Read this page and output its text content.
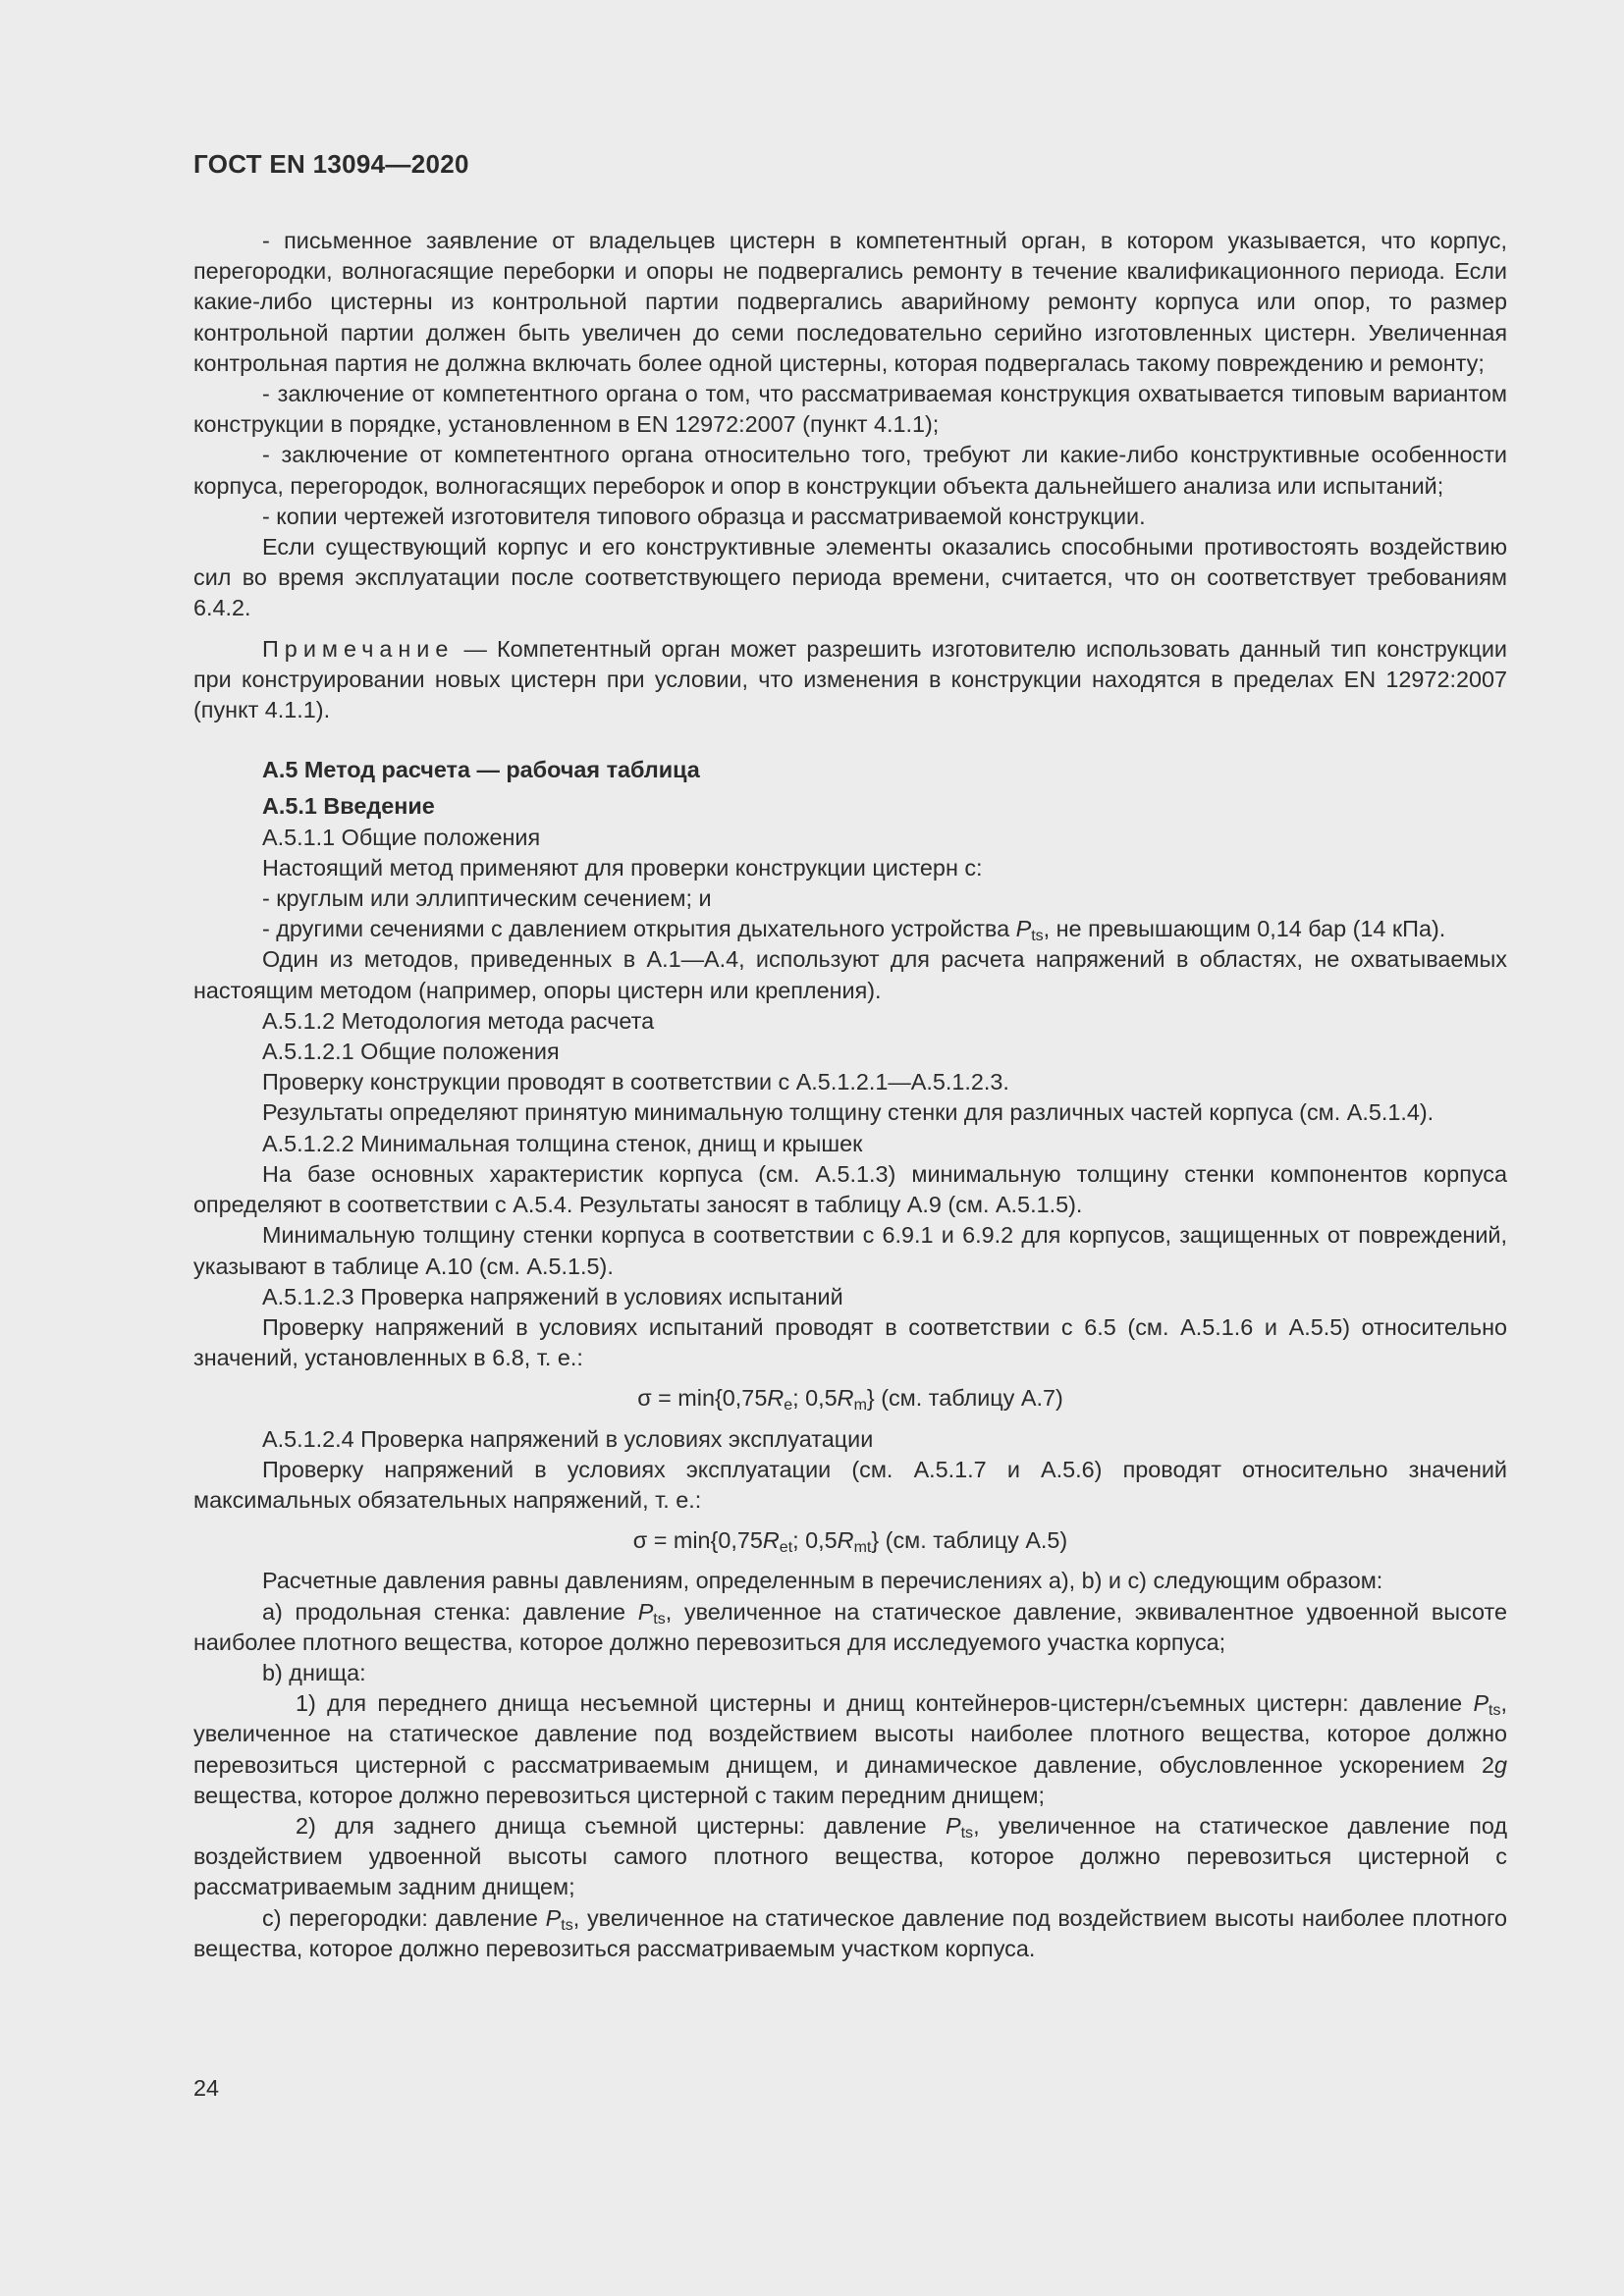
ГОСТ EN 13094—2020

- письменное заявление от владельцев цистерн в компетентный орган, в котором указывается, что корпус, перегородки, волногасящие переборки и опоры не подвергались ремонту в течение квалификационного периода. Если какие-либо цистерны из контрольной партии подвергались аварийному ремонту корпуса или опор, то размер контрольной партии должен быть увеличен до семи последовательно серийно изготовленных цистерн. Увеличенная контрольная партия не должна включать более одной цистерны, которая подвергалась такому повреждению и ремонту;

- заключение от компетентного органа о том, что рассматриваемая конструкция охватывается типовым вариантом конструкции в порядке, установленном в EN 12972:2007 (пункт 4.1.1);

- заключение от компетентного органа относительно того, требуют ли какие-либо конструктивные особенности корпуса, перегородок, волногасящих переборок и опор в конструкции объекта дальнейшего анализа или испытаний;

- копии чертежей изготовителя типового образца и рассматриваемой конструкции.

Если существующий корпус и его конструктивные элементы оказались способными противостоять воздействию сил во время эксплуатации после соответствующего периода времени, считается, что он соответствует требованиям 6.4.2.

Примечание — Компетентный орган может разрешить изготовителю использовать данный тип конструкции при конструировании новых цистерн при условии, что изменения в конструкции находятся в пределах EN 12972:2007 (пункт 4.1.1).

А.5 Метод расчета — рабочая таблица

А.5.1 Введение

А.5.1.1 Общие положения

Настоящий метод применяют для проверки конструкции цистерн с:

- круглым или эллиптическим сечением; и

- другими сечениями с давлением открытия дыхательного устройства $P_{ts}$, не превышающим 0,14 бар (14 кПа).

Один из методов, приведенных в А.1—А.4, используют для расчета напряжений в областях, не охватываемых настоящим методом (например, опоры цистерн или крепления).

А.5.1.2 Методология метода расчета

А.5.1.2.1 Общие положения

Проверку конструкции проводят в соответствии с А.5.1.2.1—А.5.1.2.3.

Результаты определяют принятую минимальную толщину стенки для различных частей корпуса (см. А.5.1.4).

А.5.1.2.2 Минимальная толщина стенок, днищ и крышек

На базе основных характеристик корпуса (см. А.5.1.3) минимальную толщину стенки компонентов корпуса определяют в соответствии с А.5.4. Результаты заносят в таблицу А.9 (см. А.5.1.5).

Минимальную толщину стенки корпуса в соответствии с 6.9.1 и 6.9.2 для корпусов, защищенных от повреждений, указывают в таблице А.10 (см. А.5.1.5).

А.5.1.2.3 Проверка напряжений в условиях испытаний

Проверку напряжений в условиях испытаний проводят в соответствии с 6.5 (см. А.5.1.6 и А.5.5) относительно значений, установленных в 6.8, т. е.:

$\sigma = \min\{0,75R_e$; $0,5R_m$} (см. таблицу А.7)

А.5.1.2.4 Проверка напряжений в условиях эксплуатации

Проверку напряжений в условиях эксплуатации (см. А.5.1.7 и А.5.6) проводят относительно значений максимальных обязательных напряжений, т. е.:

$\sigma = \min\{0,75R_{et}$; $0,5R_{mt}$} (см. таблицу А.5)

Расчетные давления равны давлениям, определенным в перечислениях а), b) и с) следующим образом:

а) продольная стенка: давление $P_{ts}$, увеличенное на статическое давление, эквивалентное удвоенной высоте наиболее плотного вещества, которое должно перевозиться для исследуемого участка корпуса;

b) днища:

1) для переднего днища несъемной цистерны и днищ контейнеров-цистерн/съемных цистерн: давление $P_{ts}$, увеличенное на статическое давление под воздействием высоты наиболее плотного вещества, которое должно перевозиться цистерной с рассматриваемым днищем, и динамическое давление, обусловленное ускорением 2g вещества, которое должно перевозиться цистерной с таким передним днищем;

2) для заднего днища съемной цистерны: давление $P_{ts}$, увеличенное на статическое давление под воздействием удвоенной высоты самого плотного вещества, которое должно перевозиться цистерной с рассматриваемым задним днищем;

с) перегородки: давление $P_{ts}$, увеличенное на статическое давление под воздействием высоты наиболее плотного вещества, которое должно перевозиться рассматриваемым участком корпуса.

24
